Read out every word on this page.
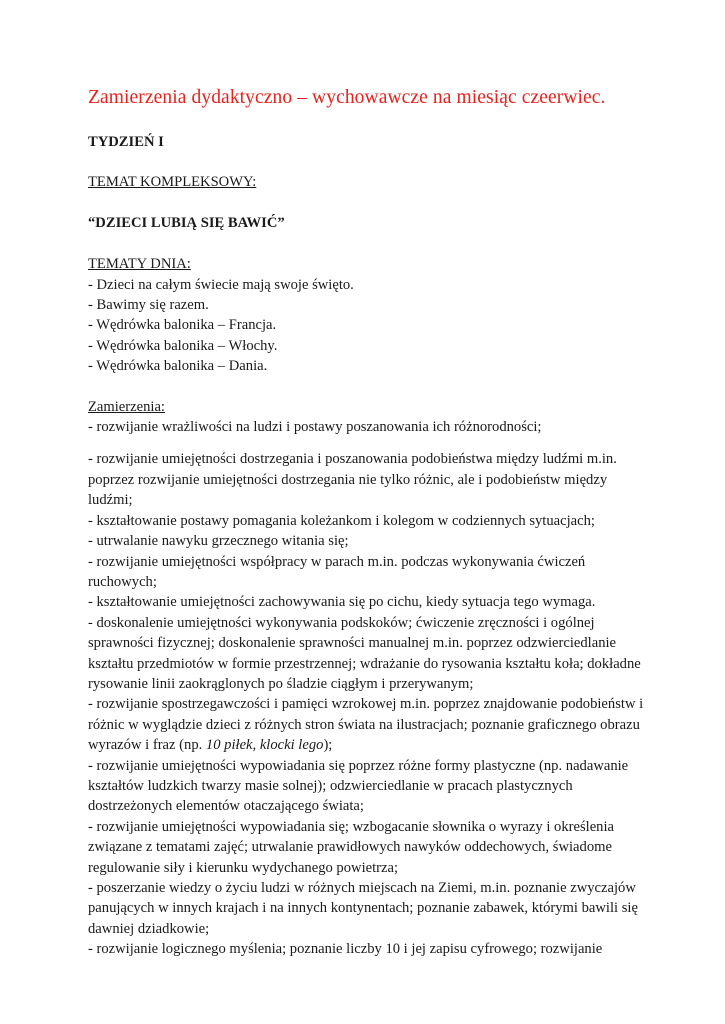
Zamierzenia dydaktyczno – wychowawcze na miesiąc czeerwiec.

TYDZIEŃ I

TEMAT KOMPLEKSOWY:

“DZIECI LUBIĄ SIĘ BAWIĆ”

TEMATY DNIA:

- Dzieci na całym świecie mają swoje święto.
- Bawimy się razem.
- Wędrówka balonika – Francja.
- Wędrówka balonika – Włochy.
- Wędrówka balonika – Dania.

Zamierzenia:

- rozwijanie wrażliwości na ludzi i postawy poszanowania ich różnorodności;

- rozwijanie umiejętności dostrzegania i poszanowania podobieństwa między ludźmi m.in. poprzez rozwijanie umiejętności dostrzegania nie tylko różnic, ale i podobieństw między ludźmi;

- kształtowanie postawy pomagania koleżankom i kolegom w codziennych sytuacjach;

- utrwalanie nawyku grzecznego witania się;

- rozwijanie umiejętności współpracy w parach m.in. podczas wykonywania ćwiczeń ruchowych;

- kształtowanie umiejętności zachowywania się po cichu, kiedy sytuacja tego wymaga.

- doskonalenie umiejętności wykonywania podskoków; ćwiczenie zręczności i ogólnej sprawności fizycznej; doskonalenie sprawności manualnej m.in. poprzez odzwierciedlanie kształtu przedmiotów w formie przestrzennej; wdrażanie do rysowania kształtu koła; dokładne rysowanie linii zaokrąglonych po śladzie ciągłym i przerywanym;

- rozwijanie spostrzegawczości i pamięci wzrokowej m.in. poprzez znajdowanie podobieństw i różnic w wyglądzie dzieci z różnych stron świata na ilustracjach; poznanie graficznego obrazu wyrazów i fraz (np. 10 piłek, klocki lego);

- rozwijanie umiejętności wypowiadania się poprzez różne formy plastyczne (np. nadawanie kształtów ludzkich twarzy masie solnej); odzwierciedlanie w pracach plastycznych dostrzeżonych elementów otaczającego świata;

- rozwijanie umiejętności wypowiadania się; wzbogacanie słownika o wyrazy i określenia związane z tematami zajęć; utrwalanie prawidłowych nawyków oddechowych, świadome regulowanie siły i kierunku wydychanego powietrza;

- poszerzanie wiedzy o życiu ludzi w różnych miejscach na Ziemi, m.in. poznanie zwyczajów panujących w innych krajach i na innych kontynentach; poznanie zabawek, którymi bawili się dawniej dziadkowie;

- rozwijanie logicznego myślenia; poznanie liczby 10 i jej zapisu cyfrowego; rozwijanie
